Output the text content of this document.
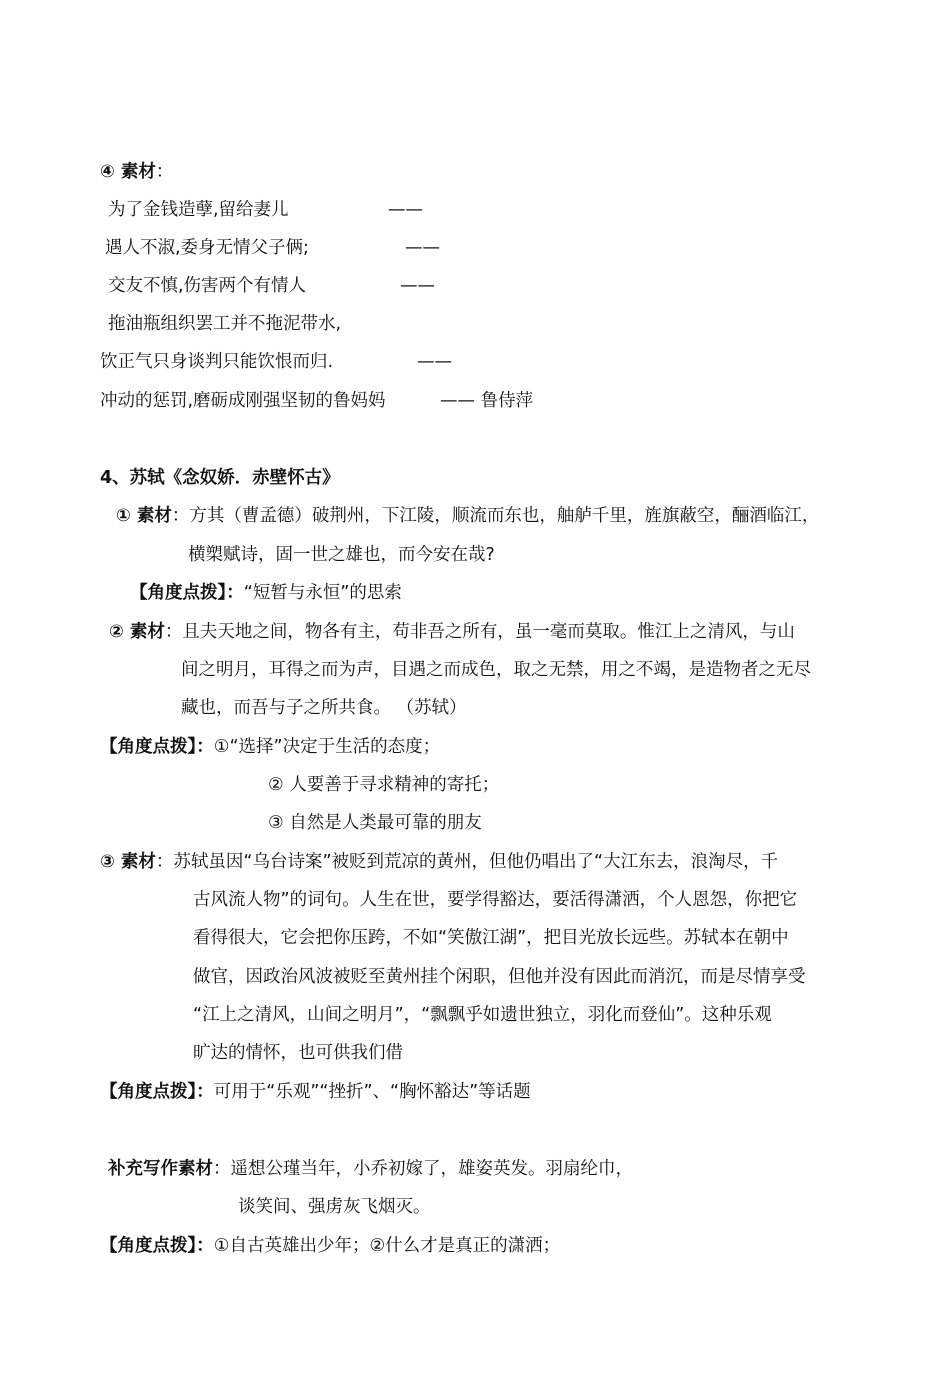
④ 素材：
为了金钱造孽,留给妻儿	——
遇人不淑,委身无情父子俩;	——
交友不慎,伤害两个有情人	——
拖油瓶组织罢工并不拖泥带水,
饮正气只身谈判只能饮恨而归.	——
冲动的惩罚,磨砺成刚强坚韧的鲁妈妈	—— 鲁侍萍
4、苏轼《念奴娇．赤壁怀古》
① 素材：方其（曹孟德）破荆州，下江陵，顺流而东也，舳舻千里，旌旗蔽空，酾酒临江，
横槊赋诗，固一世之雄也，而今安在哉?
【角度点拨】：“短暂与永恒”的思索
② 素材：且夫天地之间，物各有主，苟非吾之所有，虽一毫而莫取。惟江上之清风，与山
间之明月，耳得之而为声，目遇之而成色，取之无禁，用之不竭，是造物者之无尽
藏也，而吾与子之所共食。 （苏轼）
【角度点拨】：①“选择”决定于生活的态度；
② 人要善于寻求精神的寄托；
③ 自然是人类最可靠的朋友
③ 素材：苏轼虽因“乌台诗案”被贬到荒凉的黄州，但他仍唱出了“大江东去，浪淘尽，千
古风流人物”的词句。人生在世，要学得豁达，要活得潇洒，个人恩怨，你把它
看得很大，它会把你压跨，不如“笑傲江湖”，把目光放长远些。苏轼本在朝中
做官，因政治风波被贬至黄州挂个闲职，但他并没有因此而消沉，而是尽情享受
“江上之清风，山间之明月”，“飘飘乎如遗世独立，羽化而登仙”。这种乐观
旷达的情怀，也可供我们借
【角度点拨】：可用于“乐观”“挫折”、“胸怀豁达”等话题
补充写作素材：遥想公瑾当年，小乔初嫁了，雄姿英发。羽扇纶巾，
谈笑间、强虏灰飞烟灭。
【角度点拨】：①自古英雄出少年；②什么才是真正的潇洒；
